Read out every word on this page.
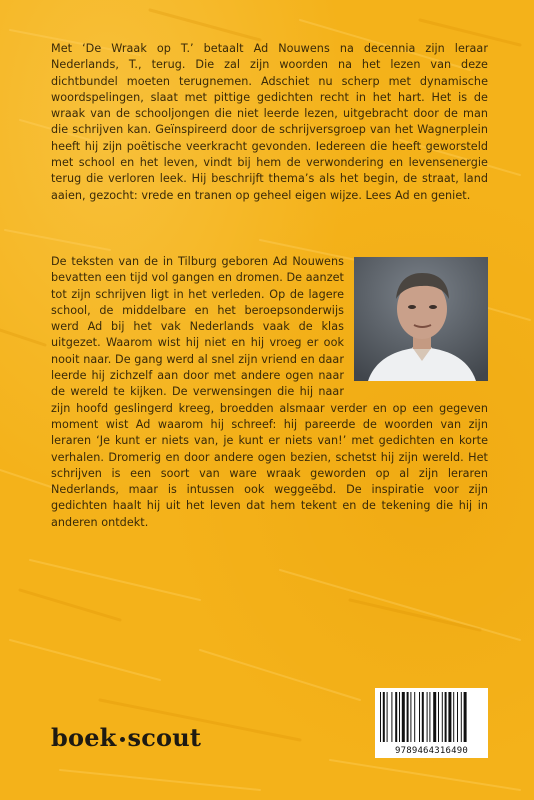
Met ‘De Wraak op T.’ betaalt Ad Nouwens na decennia zijn leraar Nederlands, T., terug. Die zal zijn woorden na het lezen van deze dichtbundel moeten terugnemen. Adschiet nu scherp met dynamische woordspelingen, slaat met pittige gedichten recht in het hart. Het is de wraak van de schooljongen die niet leerde lezen, uitgebracht door de man die schrijven kan. Geïnspireerd door de schrijversgroep van het Wagnerplein heeft hij zijn poëtische veerkracht gevonden. Iedereen die heeft geworsteld met school en het leven, vindt bij hem de verwondering en levensenergie terug die verloren leek. Hij beschrijft thema’s als het begin, de straat, land aaien, gezocht: vrede en tranen op geheel eigen wijze. Lees Ad en geniet.
De teksten van de in Tilburg geboren Ad Nouwens bevatten een tijd vol gangen en dromen. De aanzet tot zijn schrijven ligt in het verleden. Op de lagere school, de middelbare en het beroepsonderwijs werd Ad bij het vak Nederlands vaak de klas uitgezet. Waarom wist hij niet en hij vroeg er ook nooit naar. De gang werd al snel zijn vriend en daar leerde hij zichzelf aan door met andere ogen naar de wereld te kijken. De verwensingen die hij naar zijn hoofd geslingerd kreeg, broedden alsmaar verder en op een gegeven moment wist Ad waarom hij schreef: hij pareerde de woorden van zijn leraren ‘Je kunt er niets van, je kunt er niets van!’ met gedichten en korte verhalen. Dromerig en door andere ogen bezien, schetst hij zijn wereld. Het schrijven is een soort van ware wraak geworden op al zijn leraren Nederlands, maar is intussen ook weggeëbd. De inspiratie voor zijn gedichten haalt hij uit het leven dat hem tekent en de tekening die hij in anderen ontdekt.
boek scout	9789464316490
